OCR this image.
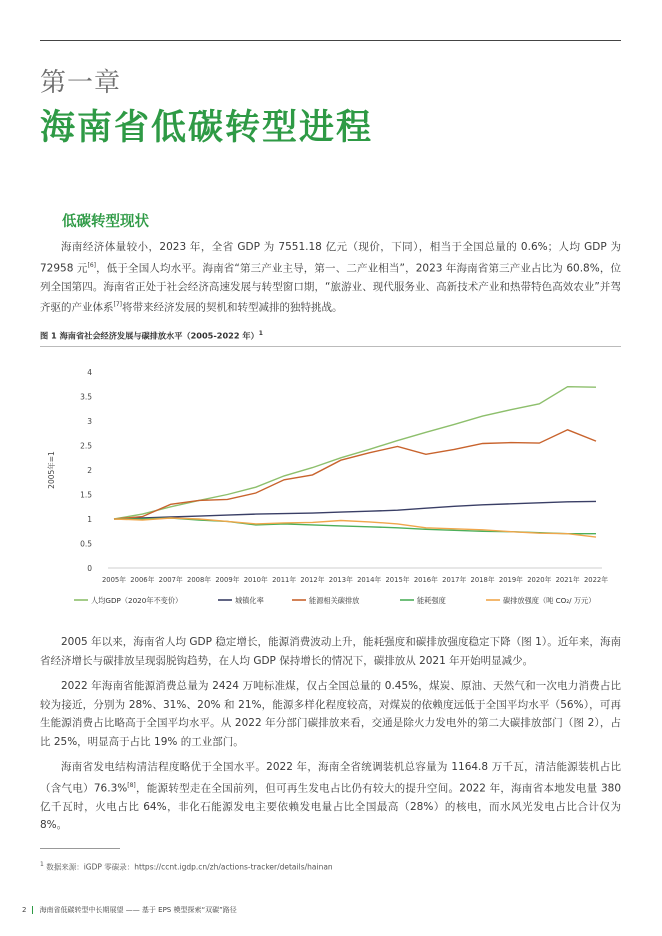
第一章
海南省低碳转型进程
低碳转型现状

海南经济体量较小，2023 年，全省 GDP 为 7551.18 亿元（现价，下同），相当于全国总量的 0.6%；人均 GDP 为 72958 元[6]，低于全国人均水平。海南省“第三产业主导，第一、二产业相当”，2023 年海南省第三产业占比为 60.8%，位列全国第四。海南省正处于社会经济高速发展与转型窗口期，“旅游业、现代服务业、高新技术产业和热带特色高效农业”并驾齐驱的产业体系[7]将带来经济发展的契机和转型减排的独特挑战。

图 1 海南省社会经济发展与碳排放水平（2005-2022 年）$^1$
0
0.5
1
1.5
2
2.5
3
3.5
4
2005年=1
2005年 2006年 2007年 2008年 2009年 2010年 2011年 2012年 2013年 2014年 2015年 2016年 2017年 2018年 2019年 2020年 2021年 2022年
人均GDP（2020年不变价）	城镇化率	能源相关碳排放	能耗强度	碳排放强度（吨 CO₂/ 万元）

2005 年以来，海南省人均 GDP 稳定增长，能源消费波动上升，能耗强度和碳排放强度稳定下降（图 1）。近年来，海南省经济增长与碳排放呈现弱脱钩趋势，在人均 GDP 保持增长的情况下，碳排放从 2021 年开始明显减少。

2022 年海南省能源消费总量为 2424 万吨标准煤，仅占全国总量的 0.45%，煤炭、原油、天然气和一次电力消费占比较为接近，分别为 28%、31%、20% 和 21%，能源多样化程度较高，对煤炭的依赖度远低于全国平均水平（56%），可再生能源消费占比略高于全国平均水平。从 2022 年分部门碳排放来看，交通是除火力发电外的第二大碳排放部门（图 2），占比 25%，明显高于占比 19% 的工业部门。

海南省发电结构清洁程度略优于全国水平。2022 年，海南全省统调装机总容量为 1164.8 万千瓦，清洁能源装机占比（含气电）76.3%[8]，能源转型走在全国前列，但可再生发电占比仍有较大的提升空间。2022 年，海南省本地发电量 380 亿千瓦时，火电占比 64%，非化石能源发电主要依赖发电量占比全国最高（28%）的核电，而水风光发电占比合计仅为 8%。

$^1$ 数据来源：iGDP 零碳录：https://ccnt.igdp.cn/zh/actions-tracker/details/hainan
2 海南省低碳转型中长期展望 —— 基于 EPS 模型探索“双碳”路径
